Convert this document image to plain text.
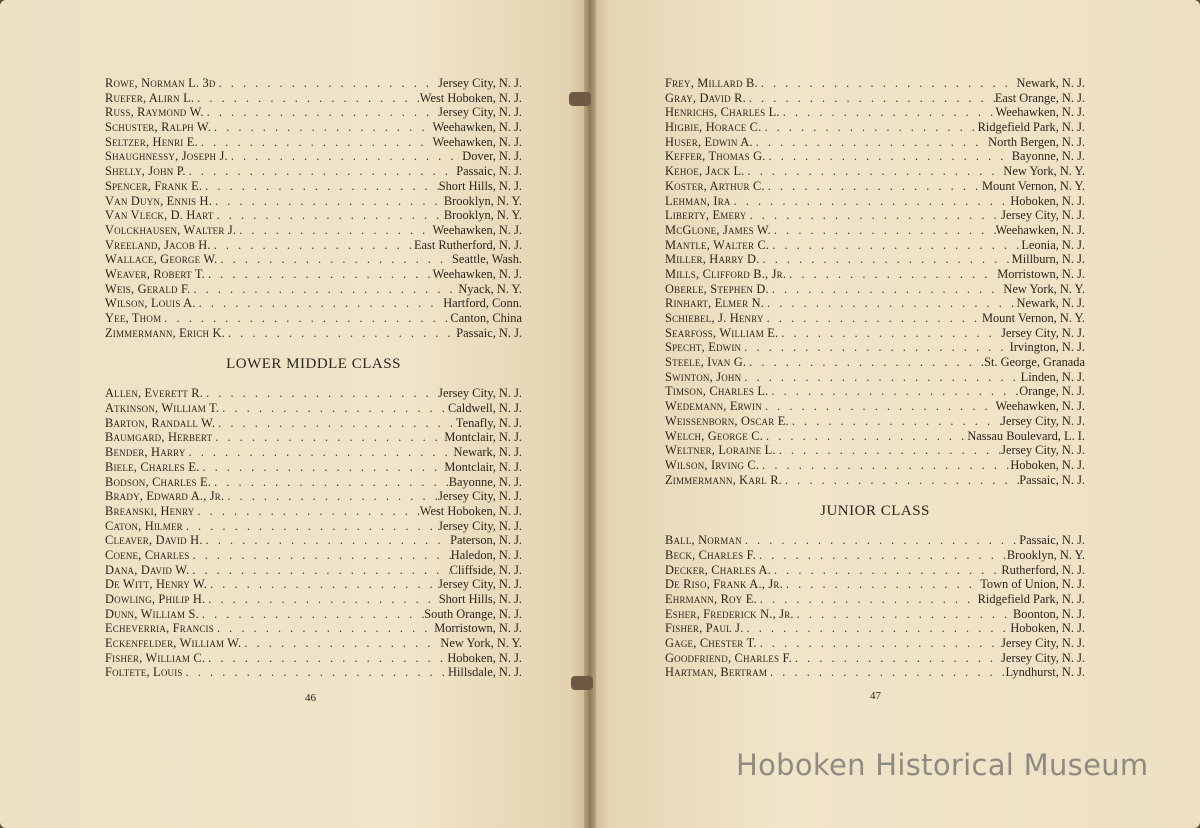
Rowe, Norman L. 3d . . .	Jersey City, N. J.
Ruefer, Alirn L. . . .	West Hoboken, N. J.
Russ, Raymond W. . . .	Jersey City, N. J.
Schuster, Ralph W. . . .	Weehawken, N. J.
Seltzer, Henri E. . . .	Weehawken, N. J.
Shaughnessy, Joseph J. . . .	Dover, N. J.
Shelly, John P. . . .	Passaic, N. J.
Spencer, Frank E. . . .	Short Hills, N. J.
Van Duyn, Ennis H. . . .	Brooklyn, N. Y.
Van Vleck, D. Hart . . .	Brooklyn, N. Y.
Volckhausen, Walter J. . . .	Weehawken, N. J.
Vreeland, Jacob H. . . .	East Rutherford, N. J.
Wallace, George W. . . .	Seattle, Wash.
Weaver, Robert T. . . .	Weehawken, N. J.
Weis, Gerald F. . . .	Nyack, N. Y.
Wilson, Louis A. . . .	Hartford, Conn.
Yee, Thom . . .	Canton, China
Zimmermann, Erich K. . . .	Passaic, N. J.
LOWER MIDDLE CLASS
Allen, Everett R. . . .	Jersey City, N. J.
Atkinson, William T. . . .	Caldwell, N. J.
Barton, Randall W. . . .	Tenafly, N. J.
Baumgard, Herbert . . .	Montclair, N. J.
Bender, Harry . . .	Newark, N. J.
Biele, Charles E. . . .	Montclair, N. J.
Bodson, Charles E. . . .	Bayonne, N. J.
Brady, Edward A., Jr. . . .	Jersey City, N. J.
Breanski, Henry . . .	West Hoboken, N. J.
Caton, Hilmer . . .	Jersey City, N. J.
Cleaver, David H. . . .	Paterson, N. J.
Coene, Charles . . .	Haledon, N. J.
Dana, David W. . . .	Cliffside, N. J.
De Witt, Henry W. . . .	Jersey City, N. J.
Dowling, Philip H. . . .	Short Hills, N. J.
Dunn, William S. . . .	South Orange, N. J.
Echeverria, Francis . . .	Morristown, N. J.
Eckenfelder, William W. . . .	New York, N. Y.
Fisher, William C. . . .	Hoboken, N. J.
Foltete, Louis . . .	Hillsdale, N. J.
46
Frey, Millard B. . . .	Newark, N. J.
Gray, David R. . . .	East Orange, N. J.
Henrichs, Charles L. . . .	Weehawken, N. J.
Higbie, Horace C. . . .	Ridgefield Park, N. J.
Huser, Edwin A. . . .	North Bergen, N. J.
Keffer, Thomas G. . . .	Bayonne, N. J.
Kehoe, Jack L. . . .	New York, N. Y.
Koster, Arthur C. . . .	Mount Vernon, N. Y.
Lehman, Ira . . .	Hoboken, N. J.
Liberty, Emery . . .	Jersey City, N. J.
McGlone, James W. . . .	Weehawken, N. J.
Mantle, Walter C. . . .	Leonia, N. J.
Miller, Harry D. . . .	Millburn, N. J.
Mills, Clifford B., Jr. . . .	Morristown, N. J.
Oberle, Stephen D. . . .	New York, N. Y.
Rinhart, Elmer N. . . .	Newark, N. J.
Schiebel, J. Henry . . .	Mount Vernon, N. Y.
Searfoss, William E. . . .	Jersey City, N. J.
Specht, Edwin . . .	Irvington, N. J.
Steele, Ivan G. . . .	St. George, Granada
Swinton, John . . .	Linden, N. J.
Timson, Charles L. . . .	Orange, N. J.
Wedemann, Erwin . . .	Weehawken, N. J.
Weissenborn, Oscar E. . . .	Jersey City, N. J.
Welch, George C. . . .	Nassau Boulevard, L. I.
Weltner, Loraine L. . . .	Jersey City, N. J.
Wilson, Irving C. . . .	Hoboken, N. J.
Zimmermann, Karl R. . . .	Passaic, N. J.
JUNIOR CLASS
Ball, Norman . . .	Passaic, N. J.
Beck, Charles F. . . .	Brooklyn, N. Y.
Decker, Charles A. . . .	Rutherford, N. J.
De Riso, Frank A., Jr. . . .	Town of Union, N. J.
Ehrmann, Roy E. . . .	Ridgefield Park, N. J.
Esher, Frederick N., Jr. . . .	Boonton, N. J.
Fisher, Paul J. . . .	Hoboken, N. J.
Gage, Chester T. . . .	Jersey City, N. J.
Goodfriend, Charles F. . . .	Jersey City, N. J.
Hartman, Bertram . . .	Lyndhurst, N. J.
47
Hoboken Historical Museum
